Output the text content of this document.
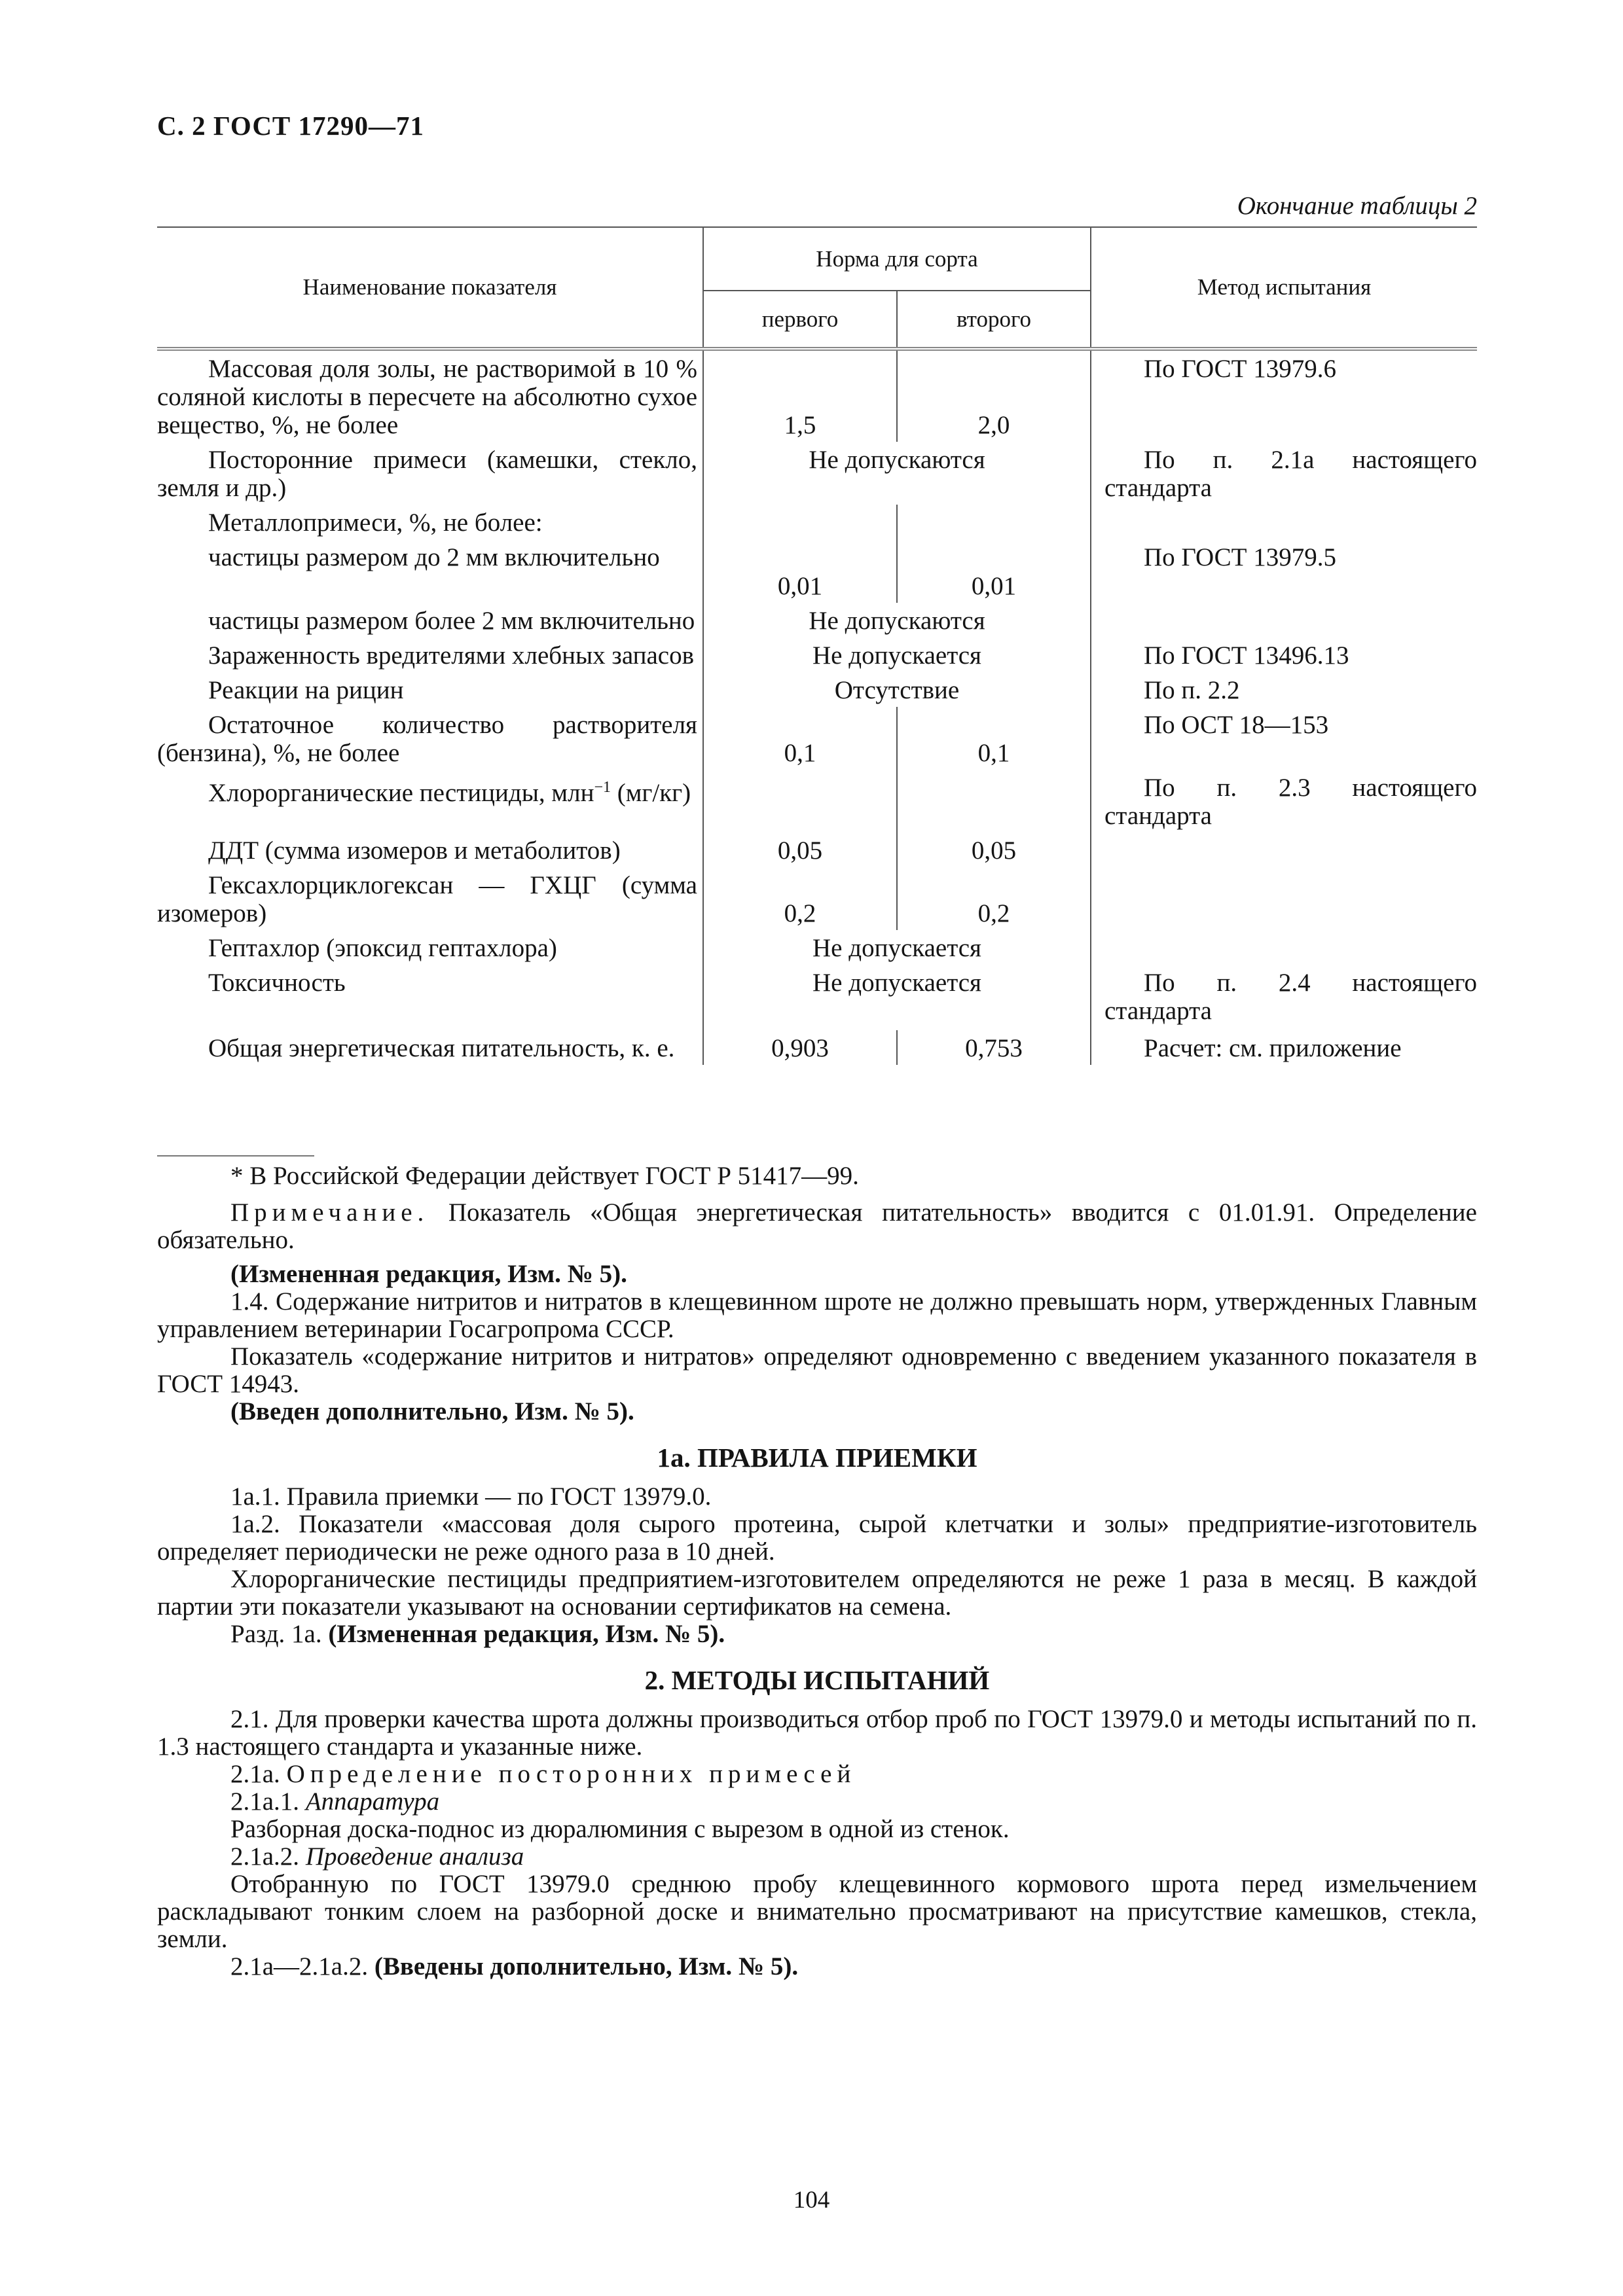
С. 2 ГОСТ 17290—71
Окончание таблицы 2
Наименование показателя	Норма для сорта		Метод испытания
	первого	второго	
Массовая доля золы, не растворимой в 10 % соляной кислоты в пересчете на абсолютно сухое вещество, %, не более	1,5	2,0	По ГОСТ 13979.6
Посторонние примеси (камешки, стекло, земля и др.)	Не допускаются		По п. 2.1а настоящего стандарта
Металлопримеси, %, не более:			
частицы размером до 2 мм включительно	0,01	0,01	По ГОСТ 13979.5
частицы размером более 2 мм включительно	Не допускаются		
Зараженность вредителями хлебных запасов	Не допускается		По ГОСТ 13496.13
Реакции на рицин	Отсутствие		По п. 2.2
Остаточное количество растворителя (бензина), %, не более	0,1	0,1	По ОСТ 18—153
Хлорорганические пестициды, млн$^{-1}$ (мг/кг)			По п. 2.3 настоящего стандарта
ДДТ (сумма изомеров и метаболитов)	0,05	0,05	
Гексахлорциклогексан — ГХЦГ (сумма изомеров)	0,2	0,2	
Гептахлор (эпоксид гептахлора)	Не допускается		
Токсичность	Не допускается		По п. 2.4 настоящего стандарта
Общая энергетическая питательность, к. е.	0,903	0,753	Расчет: см. приложение

* В Российской Федерации действует ГОСТ Р 51417—99.

Примечание. Показатель «Общая энергетическая питательность» вводится с 01.01.91. Определение обязательно.

(Измененная редакция, Изм. № 5).

1.4. Содержание нитритов и нитратов в клещевинном шроте не должно превышать норм, утвержденных Главным управлением ветеринарии Госагропрома СССР.

Показатель «содержание нитритов и нитратов» определяют одновременно с введением указанного показателя в ГОСТ 14943.

(Введен дополнительно, Изм. № 5).

1а. ПРАВИЛА ПРИЕМКИ

1а.1. Правила приемки — по ГОСТ 13979.0.

1а.2. Показатели «массовая доля сырого протеина, сырой клетчатки и золы» предприятие-изготовитель определяет периодически не реже одного раза в 10 дней.

Хлорорганические пестициды предприятием-изготовителем определяются не реже 1 раза в месяц. В каждой партии эти показатели указывают на основании сертификатов на семена.

Разд. 1а. (Измененная редакция, Изм. № 5).

2. МЕТОДЫ ИСПЫТАНИЙ

2.1. Для проверки качества шрота должны производиться отбор проб по ГОСТ 13979.0 и методы испытаний по п. 1.3 настоящего стандарта и указанные ниже.

2.1а. Определение посторонних примесей

2.1а.1. Аппаратура

Разборная доска-поднос из дюралюминия с вырезом в одной из стенок.

2.1а.2. Проведение анализа

Отобранную по ГОСТ 13979.0 среднюю пробу клещевинного кормового шрота перед измельчением раскладывают тонким слоем на разборной доске и внимательно просматривают на присутствие камешков, стекла, земли.

2.1а—2.1а.2. (Введены дополнительно, Изм. № 5).

104
